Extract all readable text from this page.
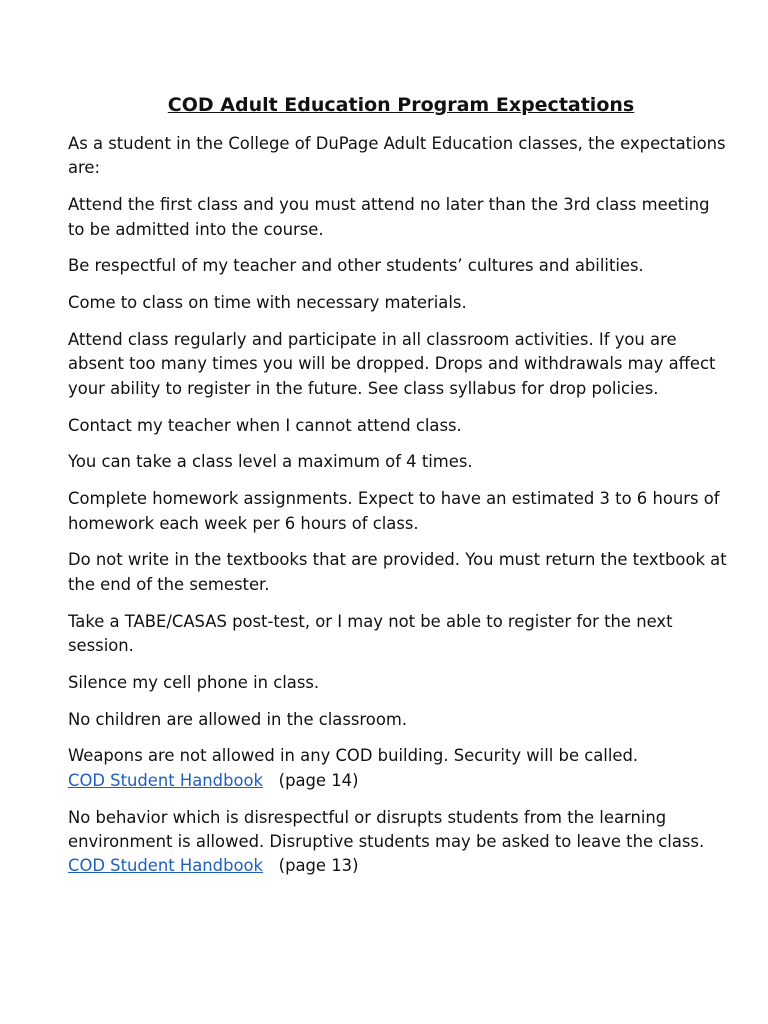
COD Adult Education Program Expectations

As a student in the College of DuPage Adult Education classes, the expectations are:

Attend the first class and you must attend no later than the 3rd class meeting to be admitted into the course.

Be respectful of my teacher and other students’ cultures and abilities.

Come to class on time with necessary materials.

Attend class regularly and participate in all classroom activities. If you are absent too many times you will be dropped. Drops and withdrawals may affect your ability to register in the future. See class syllabus for drop policies.

Contact my teacher when I cannot attend class.

You can take a class level a maximum of 4 times.

Complete homework assignments. Expect to have an estimated 3 to 6 hours of homework each week per 6 hours of class.

Do not write in the textbooks that are provided. You must return the textbook at the end of the semester.

Take a TABE/CASAS post-test, or I may not be able to register for the next session.

Silence my cell phone in class.

No children are allowed in the classroom.

Weapons are not allowed in any COD building. Security will be called.
COD Student Handbook (page 14)

No behavior which is disrespectful or disrupts students from the learning environment is allowed. Disruptive students may be asked to leave the class. COD Student Handbook (page 13)
